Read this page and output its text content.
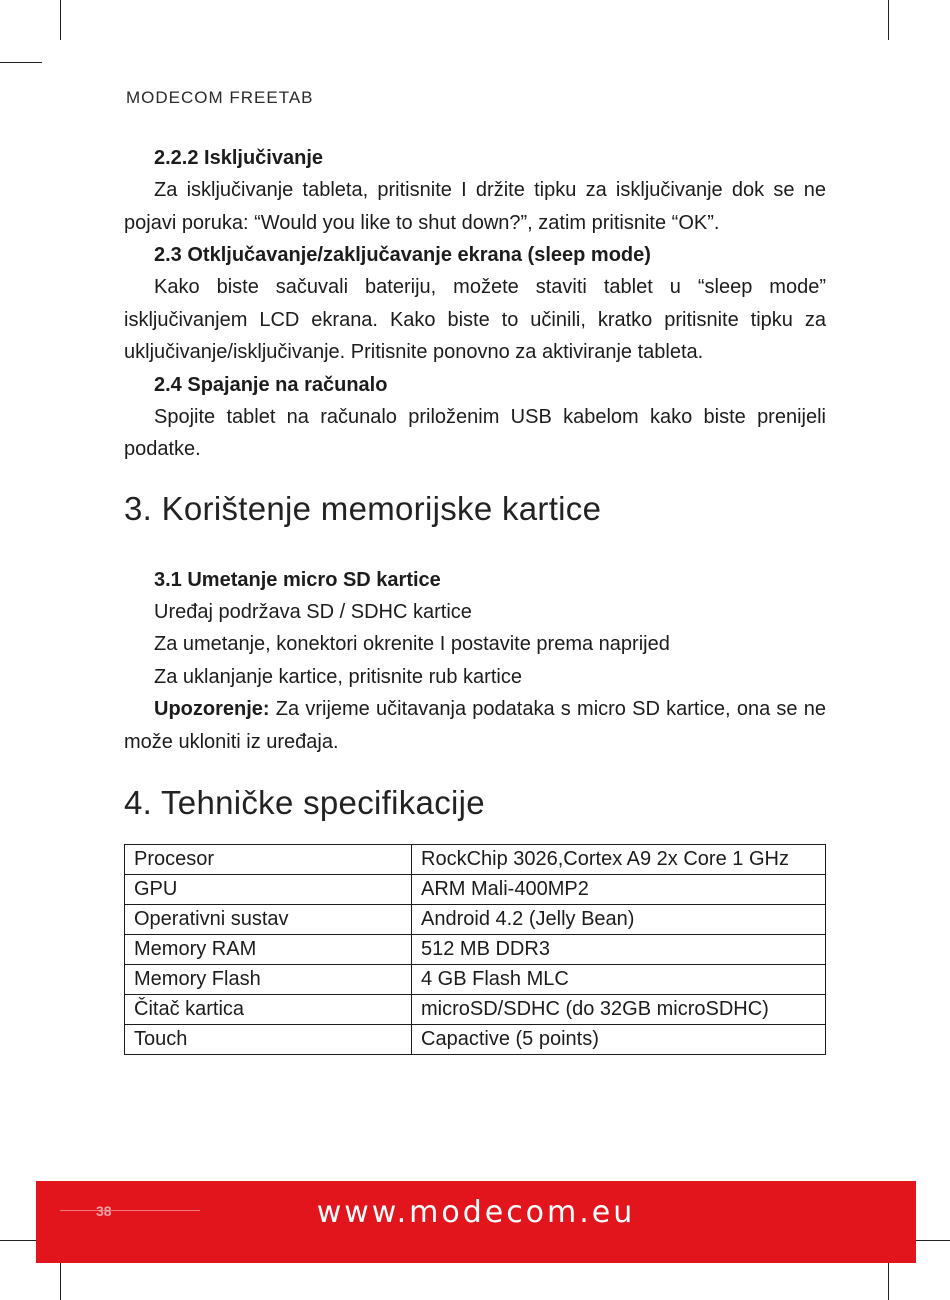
MODECOM FREETAB

2.2.2 Isključivanje

Za isključivanje tableta, pritisnite I držite tipku za isključivanje dok se ne pojavi poruka: “Would you like to shut down?”, zatim pritisnite “OK”.

2.3 Otključavanje/zaključavanje ekrana (sleep mode)

Kako biste sačuvali bateriju, možete staviti tablet u “sleep mode” isključivanjem LCD ekrana. Kako biste to učinili, kratko pritisnite tipku za uključivanje/isključivanje. Pritisnite ponovno za aktiviranje tableta.

2.4 Spajanje na računalo

Spojite tablet na računalo priloženim USB kabelom kako biste prenijeli podatke.

3. Korištenje memorijske kartice

3.1 Umetanje micro SD kartice

Uređaj podržava SD / SDHC kartice

Za umetanje, konektori okrenite I postavite prema naprijed

Za uklanjanje kartice, pritisnite rub kartice

Upozorenje: Za vrijeme učitavanja podataka s micro SD kartice, ona se ne može ukloniti iz uređaja.

4. Tehničke specifikacije
Procesor	RockChip 3026,Cortex A9 2x Core 1 GHz
GPU	ARM Mali-400MP2
Operativni sustav	Android 4.2 (Jelly Bean)
Memory RAM	512 MB DDR3
Memory Flash	4 GB Flash MLC
Čitač kartica	microSD/SDHC (do 32GB microSDHC)
Touch	Capactive (5 points)
38	www.modecom.eu
